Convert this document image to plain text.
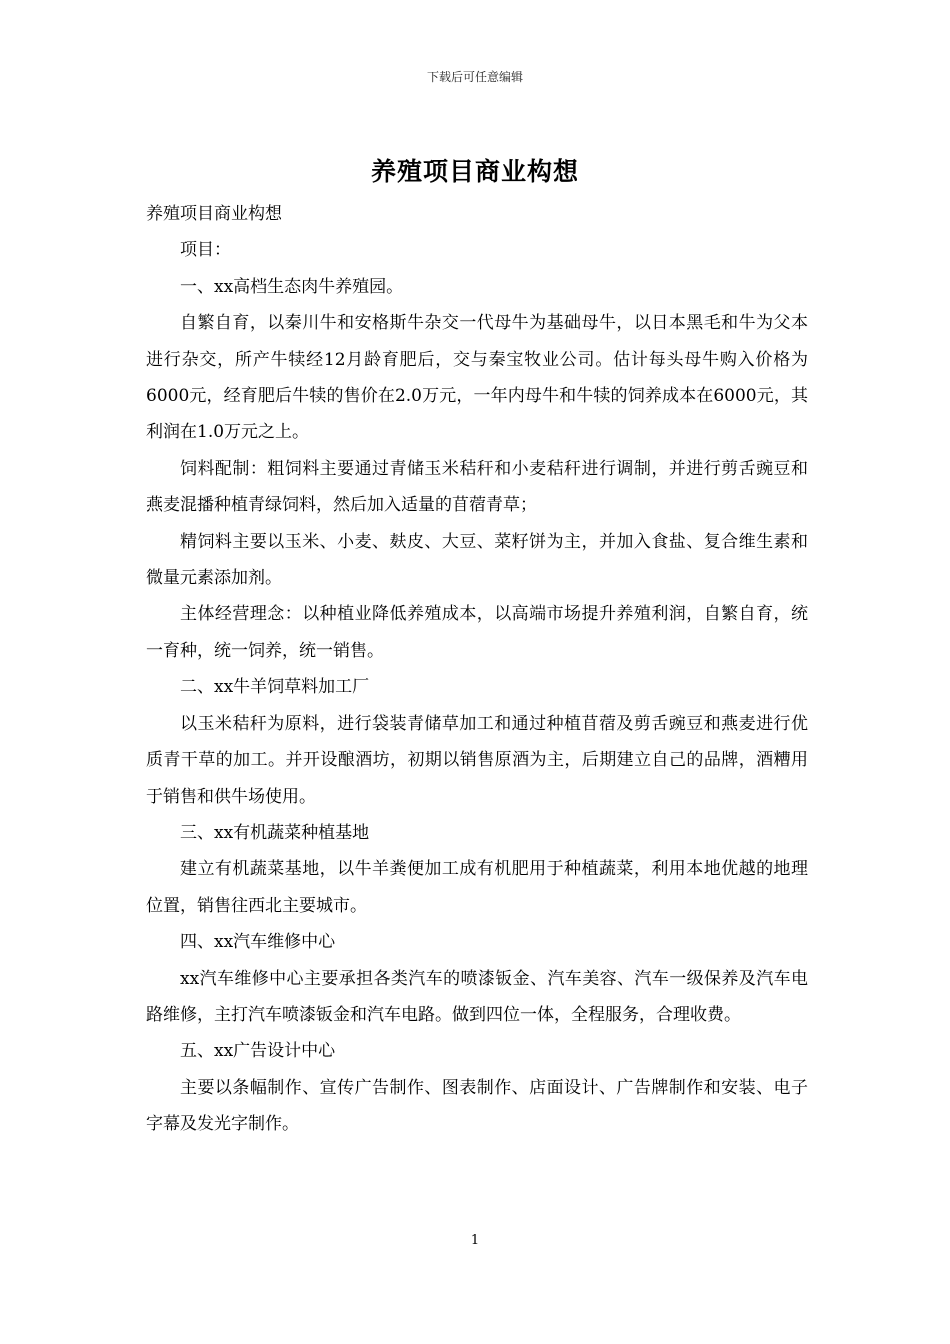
下载后可任意编辑
养殖项目商业构想

养殖项目商业构想

项目：

一、xx高档生态肉牛养殖园。

自繁自育，以秦川牛和安格斯牛杂交一代母牛为基础母牛，以日本黑毛和牛为父本进行杂交，所产牛犊经12月龄育肥后，交与秦宝牧业公司。估计每头母牛购入价格为6000元，经育肥后牛犊的售价在2.0万元，一年内母牛和牛犊的饲养成本在6000元，其利润在1.0万元之上。

饲料配制：粗饲料主要通过青储玉米秸秆和小麦秸秆进行调制，并进行剪舌豌豆和燕麦混播种植青绿饲料，然后加入适量的苜蓿青草；

精饲料主要以玉米、小麦、麸皮、大豆、菜籽饼为主，并加入食盐、复合维生素和微量元素添加剂。

主体经营理念：以种植业降低养殖成本，以高端市场提升养殖利润，自繁自育，统一育种，统一饲养，统一销售。

二、xx牛羊饲草料加工厂

以玉米秸秆为原料，进行袋装青储草加工和通过种植苜蓿及剪舌豌豆和燕麦进行优质青干草的加工。并开设酿酒坊，初期以销售原酒为主，后期建立自己的品牌，酒糟用于销售和供牛场使用。

三、xx有机蔬菜种植基地

建立有机蔬菜基地，以牛羊粪便加工成有机肥用于种植蔬菜，利用本地优越的地理位置，销售往西北主要城市。

四、xx汽车维修中心

xx汽车维修中心主要承担各类汽车的喷漆钣金、汽车美容、汽车一级保养及汽车电路维修，主打汽车喷漆钣金和汽车电路。做到四位一体，全程服务，合理收费。

五、xx广告设计中心

主要以条幅制作、宣传广告制作、图表制作、店面设计、广告牌制作和安装、电子字幕及发光字制作。

1
